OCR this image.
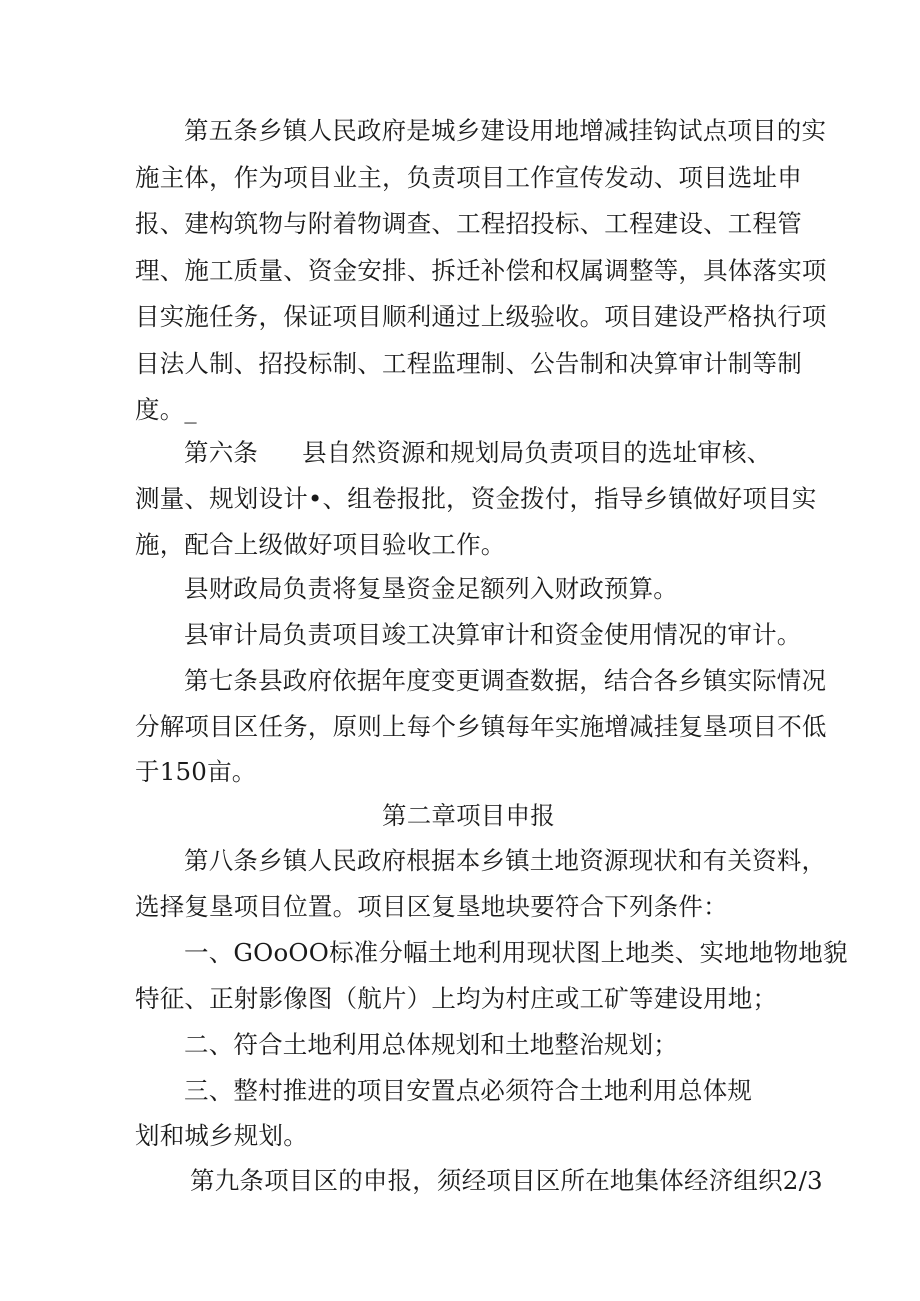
第五条乡镇人民政府是城乡建设用地增减挂钩试点项目的实
施主体，作为项目业主，负责项目工作宣传发动、项目选址申
报、建构筑物与附着物调查、工程招投标、工程建设、工程管
理、施工质量、资金安排、拆迁补偿和权属调整等，具体落实项
目实施任务，保证项目顺利通过上级验收。项目建设严格执行项
目法人制、招投标制、工程监理制、公告制和决算审计制等制
度。_
第六条 县自然资源和规划局负责项目的选址审核、
测量、规划设计•、组卷报批，资金拨付，指导乡镇做好项目实
施，配合上级做好项目验收工作。
县财政局负责将复垦资金足额列入财政预算。
县审计局负责项目竣工决算审计和资金使用情况的审计。
第七条县政府依据年度变更调查数据，结合各乡镇实际情况
分解项目区任务，原则上每个乡镇每年实施增减挂复垦项目不低
于150亩。
第二章项目申报
第八条乡镇人民政府根据本乡镇土地资源现状和有关资料，
选择复垦项目位置。项目区复垦地块要符合下列条件：
一、GOoOO标准分幅土地利用现状图上地类、实地地物地貌
特征、正射影像图（航片）上均为村庄或工矿等建设用地；
二、符合土地利用总体规划和土地整治规划；
三、整村推进的项目安置点必须符合土地利用总体规
划和城乡规划。
第九条项目区的申报，须经项目区所在地集体经济组织2/3
